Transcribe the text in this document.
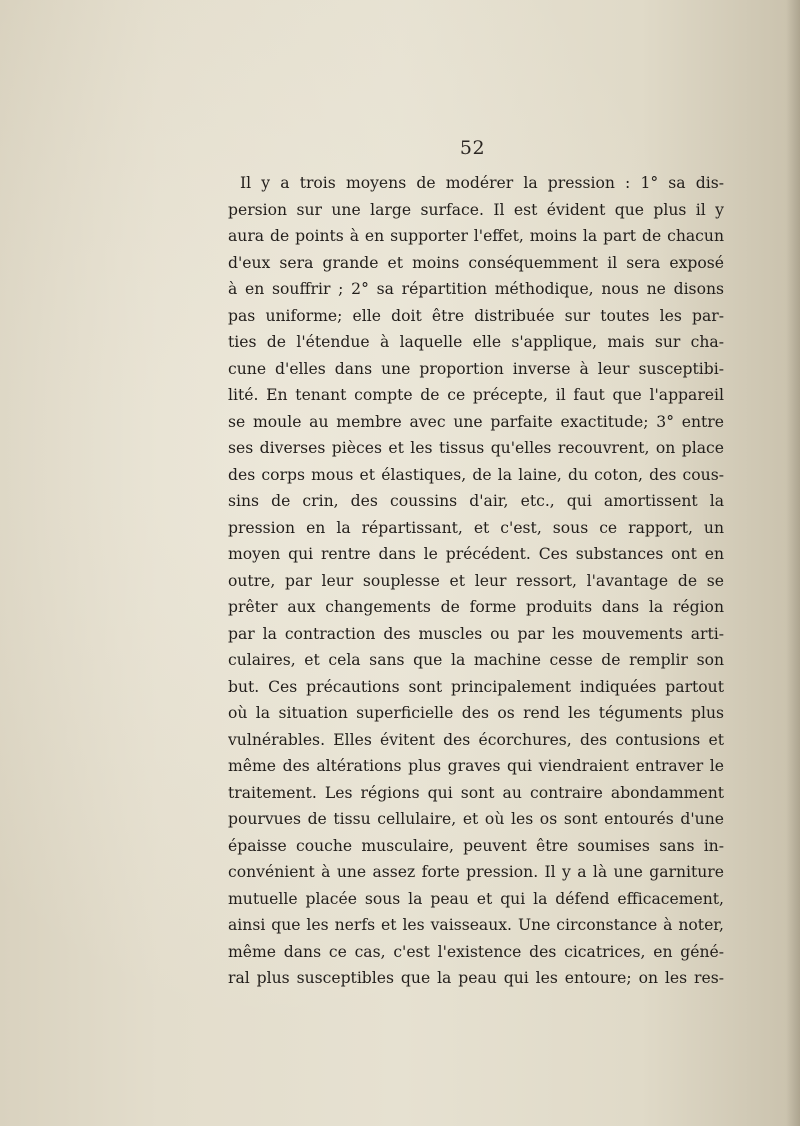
52
Il y a trois moyens de modérer la pression : 1° sa dis-
persion sur une large surface. Il est évident que plus il y
aura de points à en supporter l'effet, moins la part de chacun
d'eux sera grande et moins conséquemment il sera exposé
à en souffrir ; 2° sa répartition méthodique, nous ne disons
pas uniforme; elle doit être distribuée sur toutes les par-
ties de l'étendue à laquelle elle s'applique, mais sur cha-
cune d'elles dans une proportion inverse à leur susceptibi-
lité. En tenant compte de ce précepte, il faut que l'appareil
se moule au membre avec une parfaite exactitude; 3° entre
ses diverses pièces et les tissus qu'elles recouvrent, on place
des corps mous et élastiques, de la laine, du coton, des cous-
sins de crin, des coussins d'air, etc., qui amortissent la
pression en la répartissant, et c'est, sous ce rapport, un
moyen qui rentre dans le précédent. Ces substances ont en
outre, par leur souplesse et leur ressort, l'avantage de se
prêter aux changements de forme produits dans la région
par la contraction des muscles ou par les mouvements arti-
culaires, et cela sans que la machine cesse de remplir son
but. Ces précautions sont principalement indiquées partout
où la situation superficielle des os rend les téguments plus
vulnérables. Elles évitent des écorchures, des contusions et
même des altérations plus graves qui viendraient entraver le
traitement. Les régions qui sont au contraire abondamment
pourvues de tissu cellulaire, et où les os sont entourés d'une
épaisse couche musculaire, peuvent être soumises sans in-
convénient à une assez forte pression. Il y a là une garniture
mutuelle placée sous la peau et qui la défend efficacement,
ainsi que les nerfs et les vaisseaux. Une circonstance à noter,
même dans ce cas, c'est l'existence des cicatrices, en géné-
ral plus susceptibles que la peau qui les entoure; on les res-
